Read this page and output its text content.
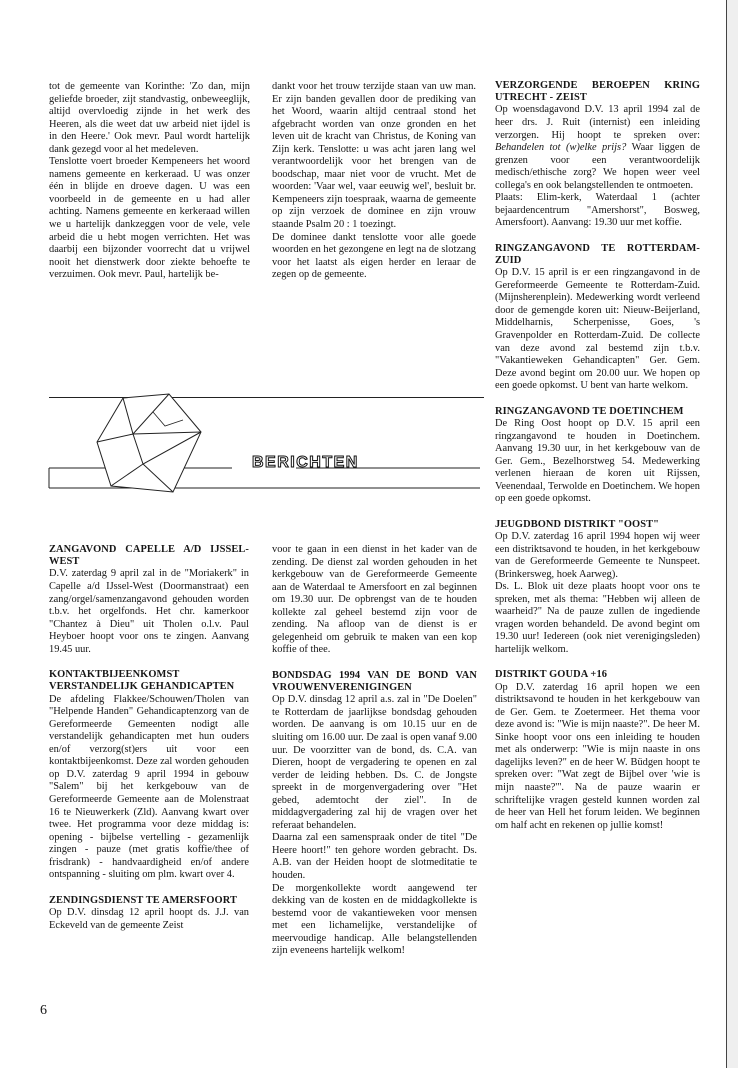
tot de gemeente van Korinthe: 'Zo dan, mijn geliefde broeder, zijt standvastig, onbeweeglijk, altijd overvloedig zijnde in het werk des Heeren, als die weet dat uw arbeid niet ijdel is in den Heere.' Ook mevr. Paul wordt hartelijk dank gezegd voor al het medeleven.

Tenslotte voert broeder Kempeneers het woord namens gemeente en kerkeraad. U was onzer één in blijde en droeve dagen. U was een voorbeeld in de gemeente en u had aller achting. Namens gemeente en kerkeraad willen we u hartelijk dankzeggen voor de vele, vele arbeid die u hebt mogen verrichten. Het was daarbij een bijzonder voorrecht dat u vrijwel nooit het dienstwerk door ziekte behoefte te verzuimen. Ook mevr. Paul, hartelijk be-

dankt voor het trouw terzijde staan van uw man. Er zijn banden gevallen door de prediking van het Woord, waarin altijd centraal stond het afgebracht worden van onze gronden en het leven uit de kracht van Christus, de Koning van Zijn kerk. Tenslotte: u was acht jaren lang wel verantwoordelijk voor het brengen van de boodschap, maar niet voor de vrucht. Met de woorden: 'Vaar wel, vaar eeuwig wel', besluit br. Kempeneers zijn toespraak, waarna de gemeente op zijn verzoek de dominee en zijn vrouw staande Psalm 20 : 1 toezingt.

De dominee dankt tenslotte voor alle goede woorden en het gezongene en legt na de slotzang voor het laatst als eigen herder en leraar de zegen op de gemeente.

VERZORGENDE BEROEPEN KRING UTRECHT - ZEIST

Op woensdagavond D.V. 13 april 1994 zal de heer drs. J. Ruit (internist) een inleiding verzorgen. Hij hoopt te spreken over: Behandelen tot (w)elke prijs? Waar liggen de grenzen voor een verantwoordelijk medisch/ethische zorg? We hopen weer veel collega's en ook belangstellenden te ontmoeten.

Plaats: Elim-kerk, Waterdaal 1 (achter bejaardencentrum "Amershorst", Bosweg, Amersfoort). Aanvang: 19.30 uur met koffie.

RINGZANGAVOND TE ROTTERDAM-ZUID

Op D.V. 15 april is er een ringzangavond in de Gereformeerde Gemeente te Rotterdam-Zuid. (Mijnsherenplein). Medewerking wordt verleend door de gemengde koren uit: Nieuw-Beijerland, Middelharnis, Scherpenisse, Goes, 's Gravenpolder en Rotterdam-Zuid. De collecte van deze avond zal bestemd zijn t.b.v. "Vakantieweken Gehandicapten" Ger. Gem. Deze avond begint om 20.00 uur. We hopen op een goede opkomst. U bent van harte welkom.

RINGZANGAVOND TE DOETINCHEM

De Ring Oost hoopt op D.V. 15 april een ringzangavond te houden in Doetinchem. Aanvang 19.30 uur, in het kerkgebouw van de Ger. Gem., Bezelhorstweg 54. Medewerking verlenen hieraan de koren uit Rijssen, Veenendaal, Terwolde en Doetinchem. We hopen op een goede opkomst.

JEUGDBOND DISTRIKT "OOST"

Op D.V. zaterdag 16 april 1994 hopen wij weer een distriktsavond te houden, in het kerkgebouw van de Gereformeerde Gemeente te Nunspeet. (Brinkersweg, hoek Aarweg).

Ds. L. Blok uit deze plaats hoopt voor ons te spreken, met als thema: "Hebben wij alleen de waarheid?" Na de pauze zullen de ingediende vragen worden behandeld. De avond begint om 19.30 uur! Iedereen (ook niet verenigingsleden) hartelijk welkom.

DISTRIKT GOUDA +16

Op D.V. zaterdag 16 april hopen we een distriktsavond te houden in het kerkgebouw van de Ger. Gem. te Zoetermeer. Het thema voor deze avond is: "Wie is mijn naaste?". De heer M. Sinke hoopt voor ons een inleiding te houden met als onderwerp: "Wie is mijn naaste in ons dagelijks leven?" en de heer W. Büdgen hoopt te spreken over: "Wat zegt de Bijbel over 'wie is mijn naaste?'". Na de pauze waarin er schriftelijke vragen gesteld kunnen worden zal de heer van Hell het forum leiden. We beginnen om half acht en rekenen op jullie komst!

BERICHTEN
ZANGAVOND CAPELLE A/D IJSSEL-WEST

D.V. zaterdag 9 april zal in de "Moriakerk" in Capelle a/d IJssel-West (Doormanstraat) een zang/orgel/samenzangavond gehouden worden t.b.v. het orgelfonds. Het chr. kamerkoor "Chantez à Dieu" uit Tholen o.l.v. Paul Heyboer hoopt voor ons te zingen. Aanvang 19.45 uur.

KONTAKTBIJEENKOMST VERSTANDELIJK GEHANDICAPTEN

De afdeling Flakkee/Schouwen/Tholen van "Helpende Handen" Gehandicaptenzorg van de Gereformeerde Gemeenten nodigt alle verstandelijk gehandicapten met hun ouders en/of verzorg(st)ers uit voor een kontaktbijeenkomst. Deze zal worden gehouden op D.V. zaterdag 9 april 1994 in gebouw "Salem" bij het kerkgebouw van de Gereformeerde Gemeente aan de Molenstraat 16 te Nieuwerkerk (Zld). Aanvang kwart over twee. Het programma voor deze middag is: opening - bijbelse vertelling - gezamenlijk zingen - pauze (met gratis koffie/thee of frisdrank) - handvaardigheid en/of andere ontspanning - sluiting om plm. kwart over 4.

ZENDINGSDIENST TE AMERSFOORT

Op D.V. dinsdag 12 april hoopt ds. J.J. van Eckeveld van de gemeente Zeist

voor te gaan in een dienst in het kader van de zending. De dienst zal worden gehouden in het kerkgebouw van de Gereformeerde Gemeente aan de Waterdaal te Amersfoort en zal beginnen om 19.30 uur. De opbrengst van de te houden kollekte zal geheel bestemd zijn voor de zending. Na afloop van de dienst is er gelegenheid om gebruik te maken van een kop koffie of thee.

BONDSDAG 1994 VAN DE BOND VAN VROUWENVERENIGINGEN

Op D.V. dinsdag 12 april a.s. zal in "De Doelen" te Rotterdam de jaarlijkse bondsdag gehouden worden. De aanvang is om 10.15 uur en de sluiting om 16.00 uur. De zaal is open vanaf 9.00 uur. De voorzitter van de bond, ds. C.A. van Dieren, hoopt de vergadering te openen en zal verder de leiding hebben. Ds. C. de Jongste spreekt in de morgenvergadering over "Het gebed, ademtocht der ziel". In de middagvergadering zal hij de vragen over het referaat behandelen.

Daarna zal een samenspraak onder de titel "De Heere hoort!" ten gehore worden gebracht. Ds. A.B. van der Heiden hoopt de slotmeditatie te houden.

De morgenkollekte wordt aangewend ter dekking van de kosten en de middagkollekte is bestemd voor de vakantieweken voor mensen met een lichamelijke, verstandelijke of meervoudige handicap. Alle belangstellenden zijn eveneens hartelijk welkom!

6
